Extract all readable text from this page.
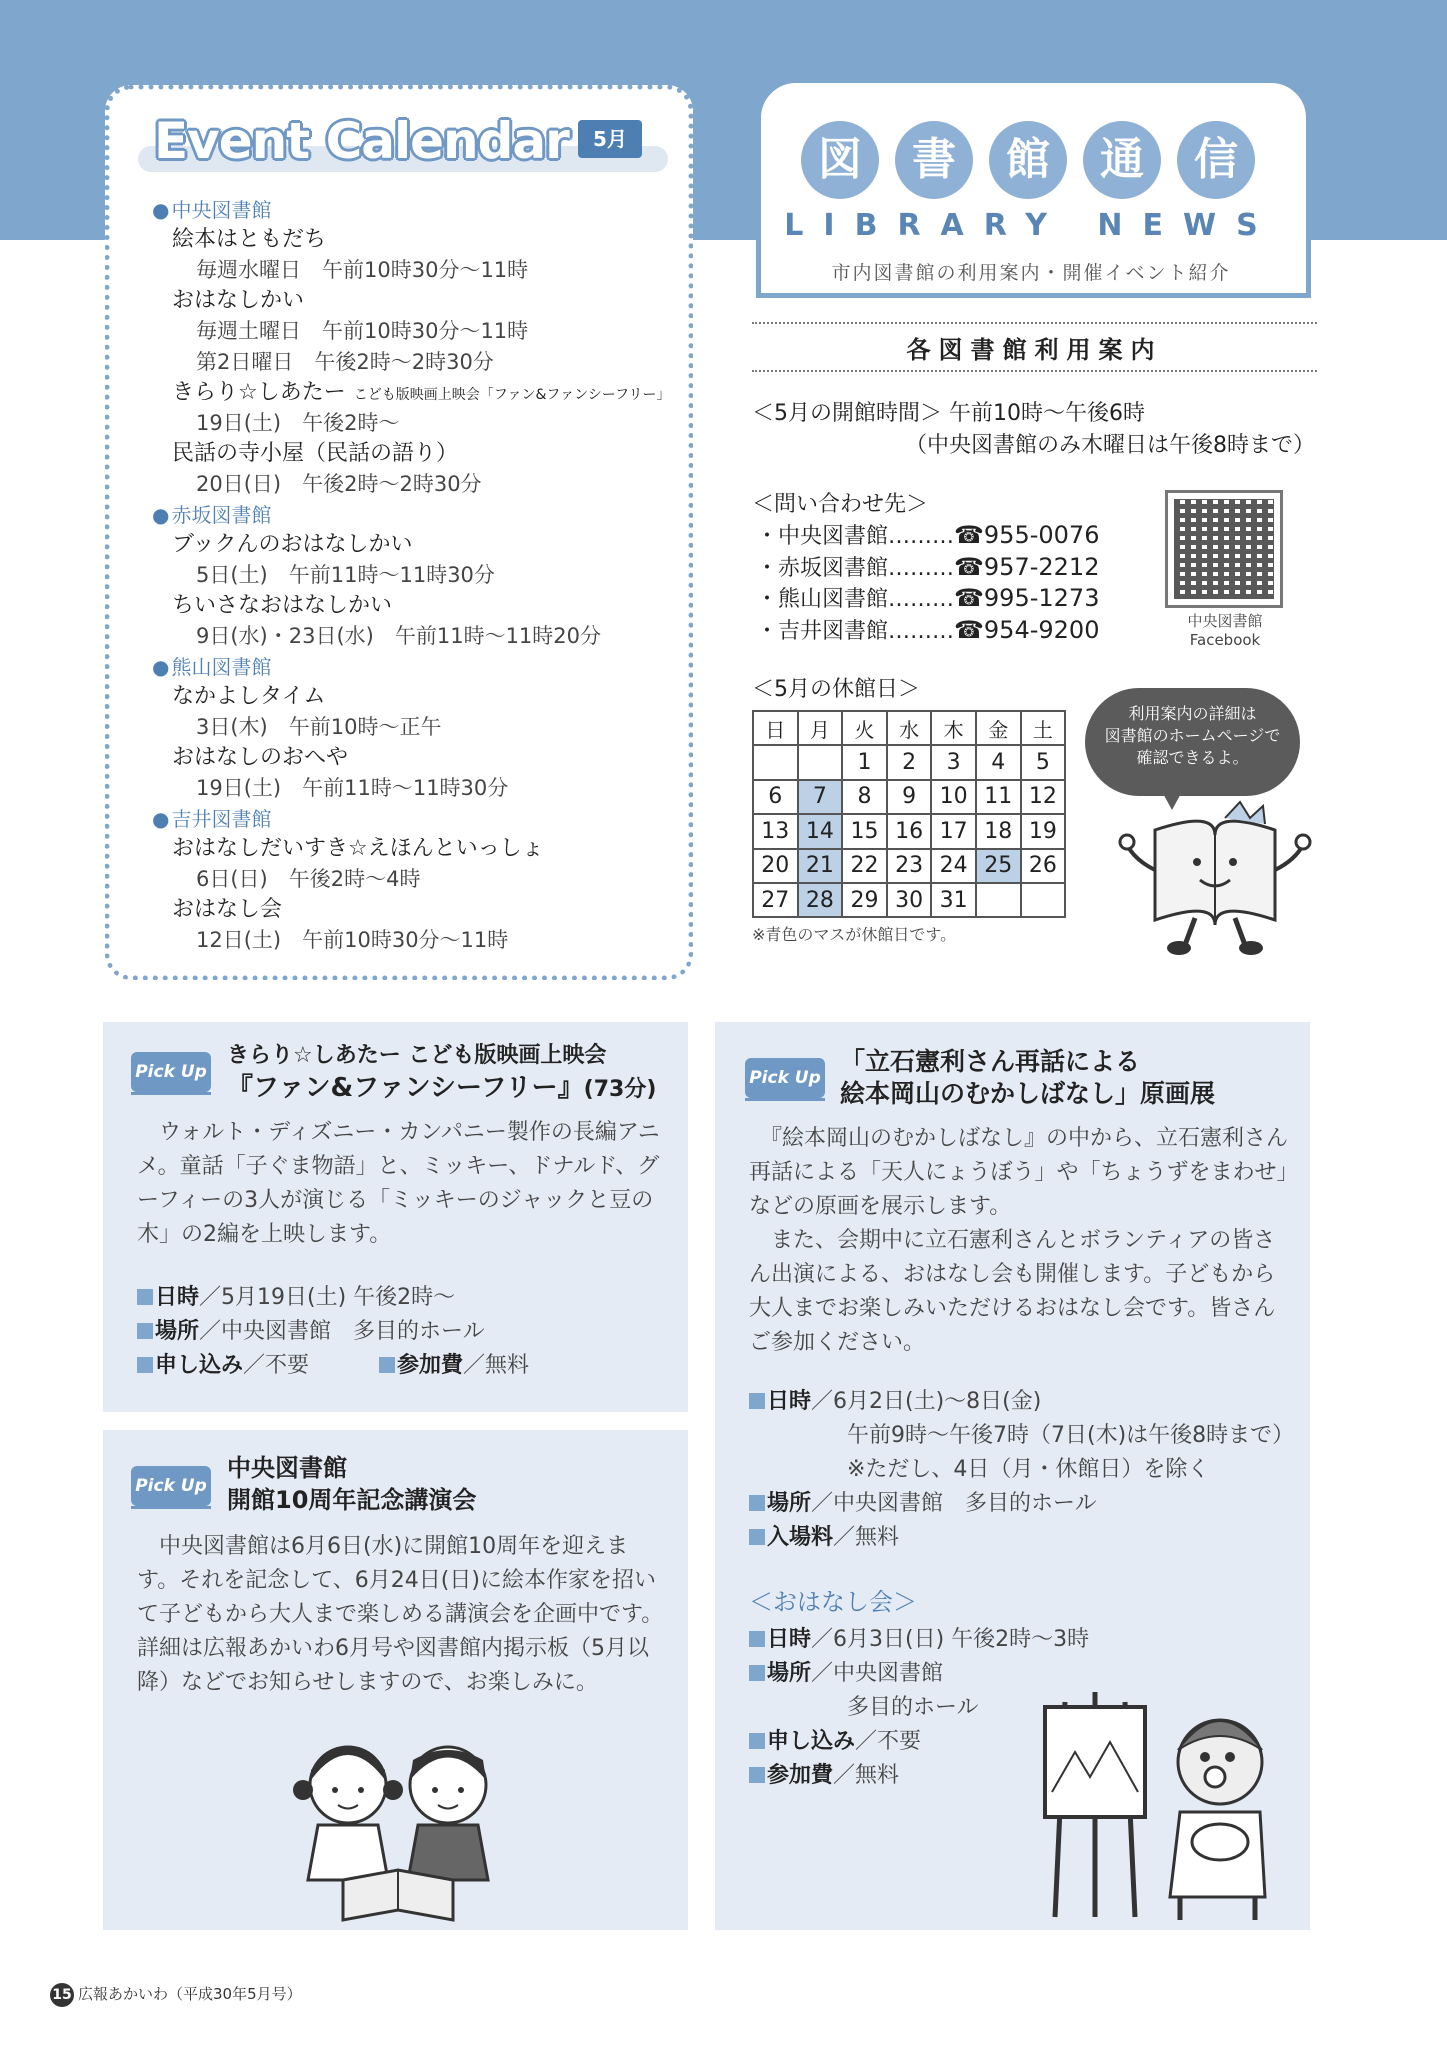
Event Calendar	5月
● 中央図書館
絵本はともだち
毎週水曜日　午前10時30分～11時
おはなしかい
毎週土曜日　午前10時30分～11時
第2日曜日　午後2時～2時30分
きらり☆しあたー こども版映画上映会「ファン&ファンシーフリー」
19日(土)　午後2時～
民話の寺小屋（民話の語り）
20日(日)　午後2時～2時30分
● 赤坂図書館
ブックんのおはなしかい
5日(土)　午前11時～11時30分
ちいさなおはなしかい
9日(水)・23日(水)　午前11時～11時20分
● 熊山図書館
なかよしタイム
3日(木)　午前10時～正午
おはなしのおへや
19日(土)　午前11時～11時30分
● 吉井図書館
おはなしだいすき☆えほんといっしょ
6日(日)　午後2時～4時
おはなし会
12日(土)　午前10時30分～11時
図	書	館	通	信
LIBRARY NEWS
市内図書館の利用案内・開催イベント紹介
各図書館利用案内
＜5月の開館時間＞ 午前10時～午後6時
（中央図書館のみ木曜日は午後8時まで）
＜問い合わせ先＞
・中央図書館………☎955-0076
・赤坂図書館………☎957-2212
・熊山図書館………☎995-1273
・吉井図書館………☎954-9200	中央図書館
Facebook
＜5月の休館日＞
日	月	火	水	木	金	土
		1	2	3	4	5
6	7	8	9	10	11	12
13	14	15	16	17	18	19
20	21	22	23	24	25	26
27	28	29	30	31		
※青色のマスが休館日です。
利用案内の詳細は
図書館のホームページで
確認できるよ。
Pick Up
きらり☆しあたー こども版映画上映会
『ファン&ファンシーフリー』(73分)
　ウォルト・ディズニー・カンパニー製作の長編アニメ。童話「子ぐま物語」と、ミッキー、ドナルド、グーフィーの3人が演じる「ミッキーのジャックと豆の木」の2編を上映します。
日時／5月19日(土) 午後2時～
場所／中央図書館　多目的ホール
申し込み／不要	参加費／無料
Pick Up
中央図書館
開館10周年記念講演会
　中央図書館は6月6日(水)に開館10周年を迎えます。それを記念して、6月24日(日)に絵本作家を招いて子どもから大人まで楽しめる講演会を企画中です。詳細は広報あかいわ6月号や図書館内掲示板（5月以降）などでお知らせしますので、お楽しみに。
Pick Up
「立石憲利さん再話による
絵本岡山のむかしばなし」原画展
　『絵本岡山のむかしばなし』の中から、立石憲利さん再話による「天人にょうぼう」や「ちょうずをまわせ」などの原画を展示します。
　また、会期中に立石憲利さんとボランティアの皆さん出演による、おはなし会も開催します。子どもから大人までお楽しみいただけるおはなし会です。皆さんご参加ください。
日時／6月2日(土)～8日(金)
午前9時～午後7時（7日(木)は午後8時まで）
※ただし、4日（月・休館日）を除く
場所／中央図書館　多目的ホール
入場料／無料
＜おはなし会＞
日時／6月3日(日) 午後2時～3時
場所／中央図書館
多目的ホール
申し込み／不要
参加費／無料
15 広報あかいわ（平成30年5月号）
